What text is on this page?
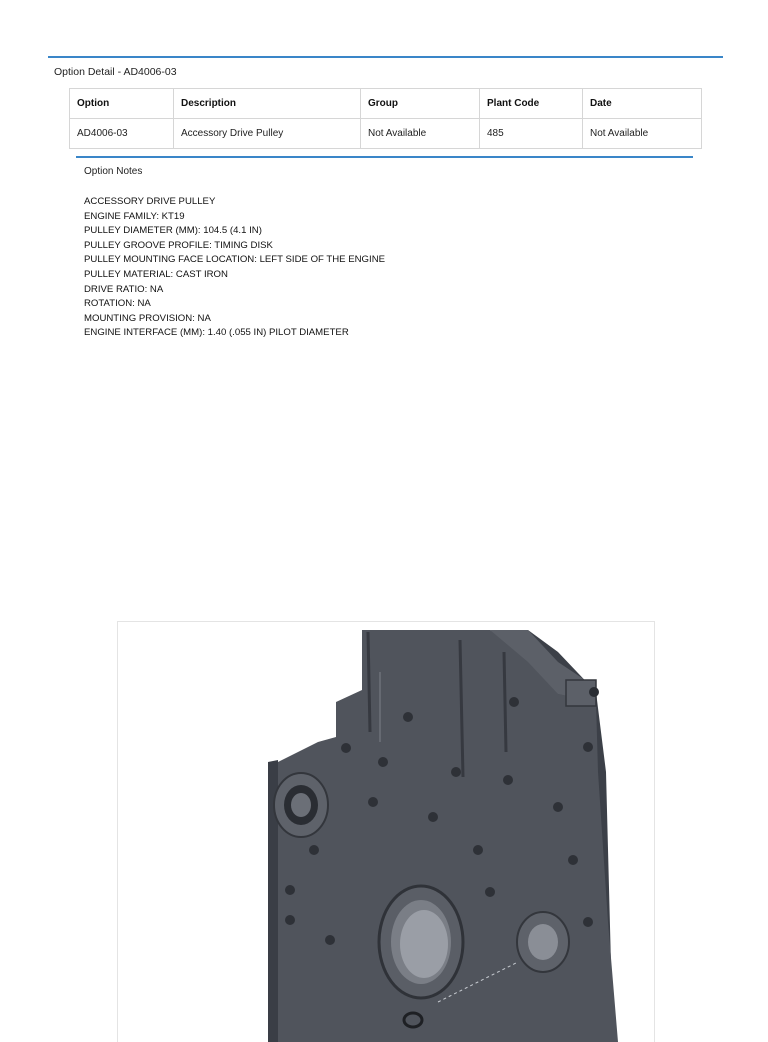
Option Detail - AD4006-03
Option	Description	Group	Plant Code	Date
AD4006-03	Accessory Drive Pulley	Not Available	485	Not Available
Option Notes
ACCESSORY DRIVE PULLEY
ENGINE FAMILY: KT19
PULLEY DIAMETER (MM): 104.5 (4.1 IN)
PULLEY GROOVE PROFILE: TIMING DISK
PULLEY MOUNTING FACE LOCATION: LEFT SIDE OF THE ENGINE
PULLEY MATERIAL: CAST IRON
DRIVE RATIO: NA
ROTATION: NA
MOUNTING PROVISION: NA
ENGINE INTERFACE (MM): 1.40 (.055 IN) PILOT DIAMETER
